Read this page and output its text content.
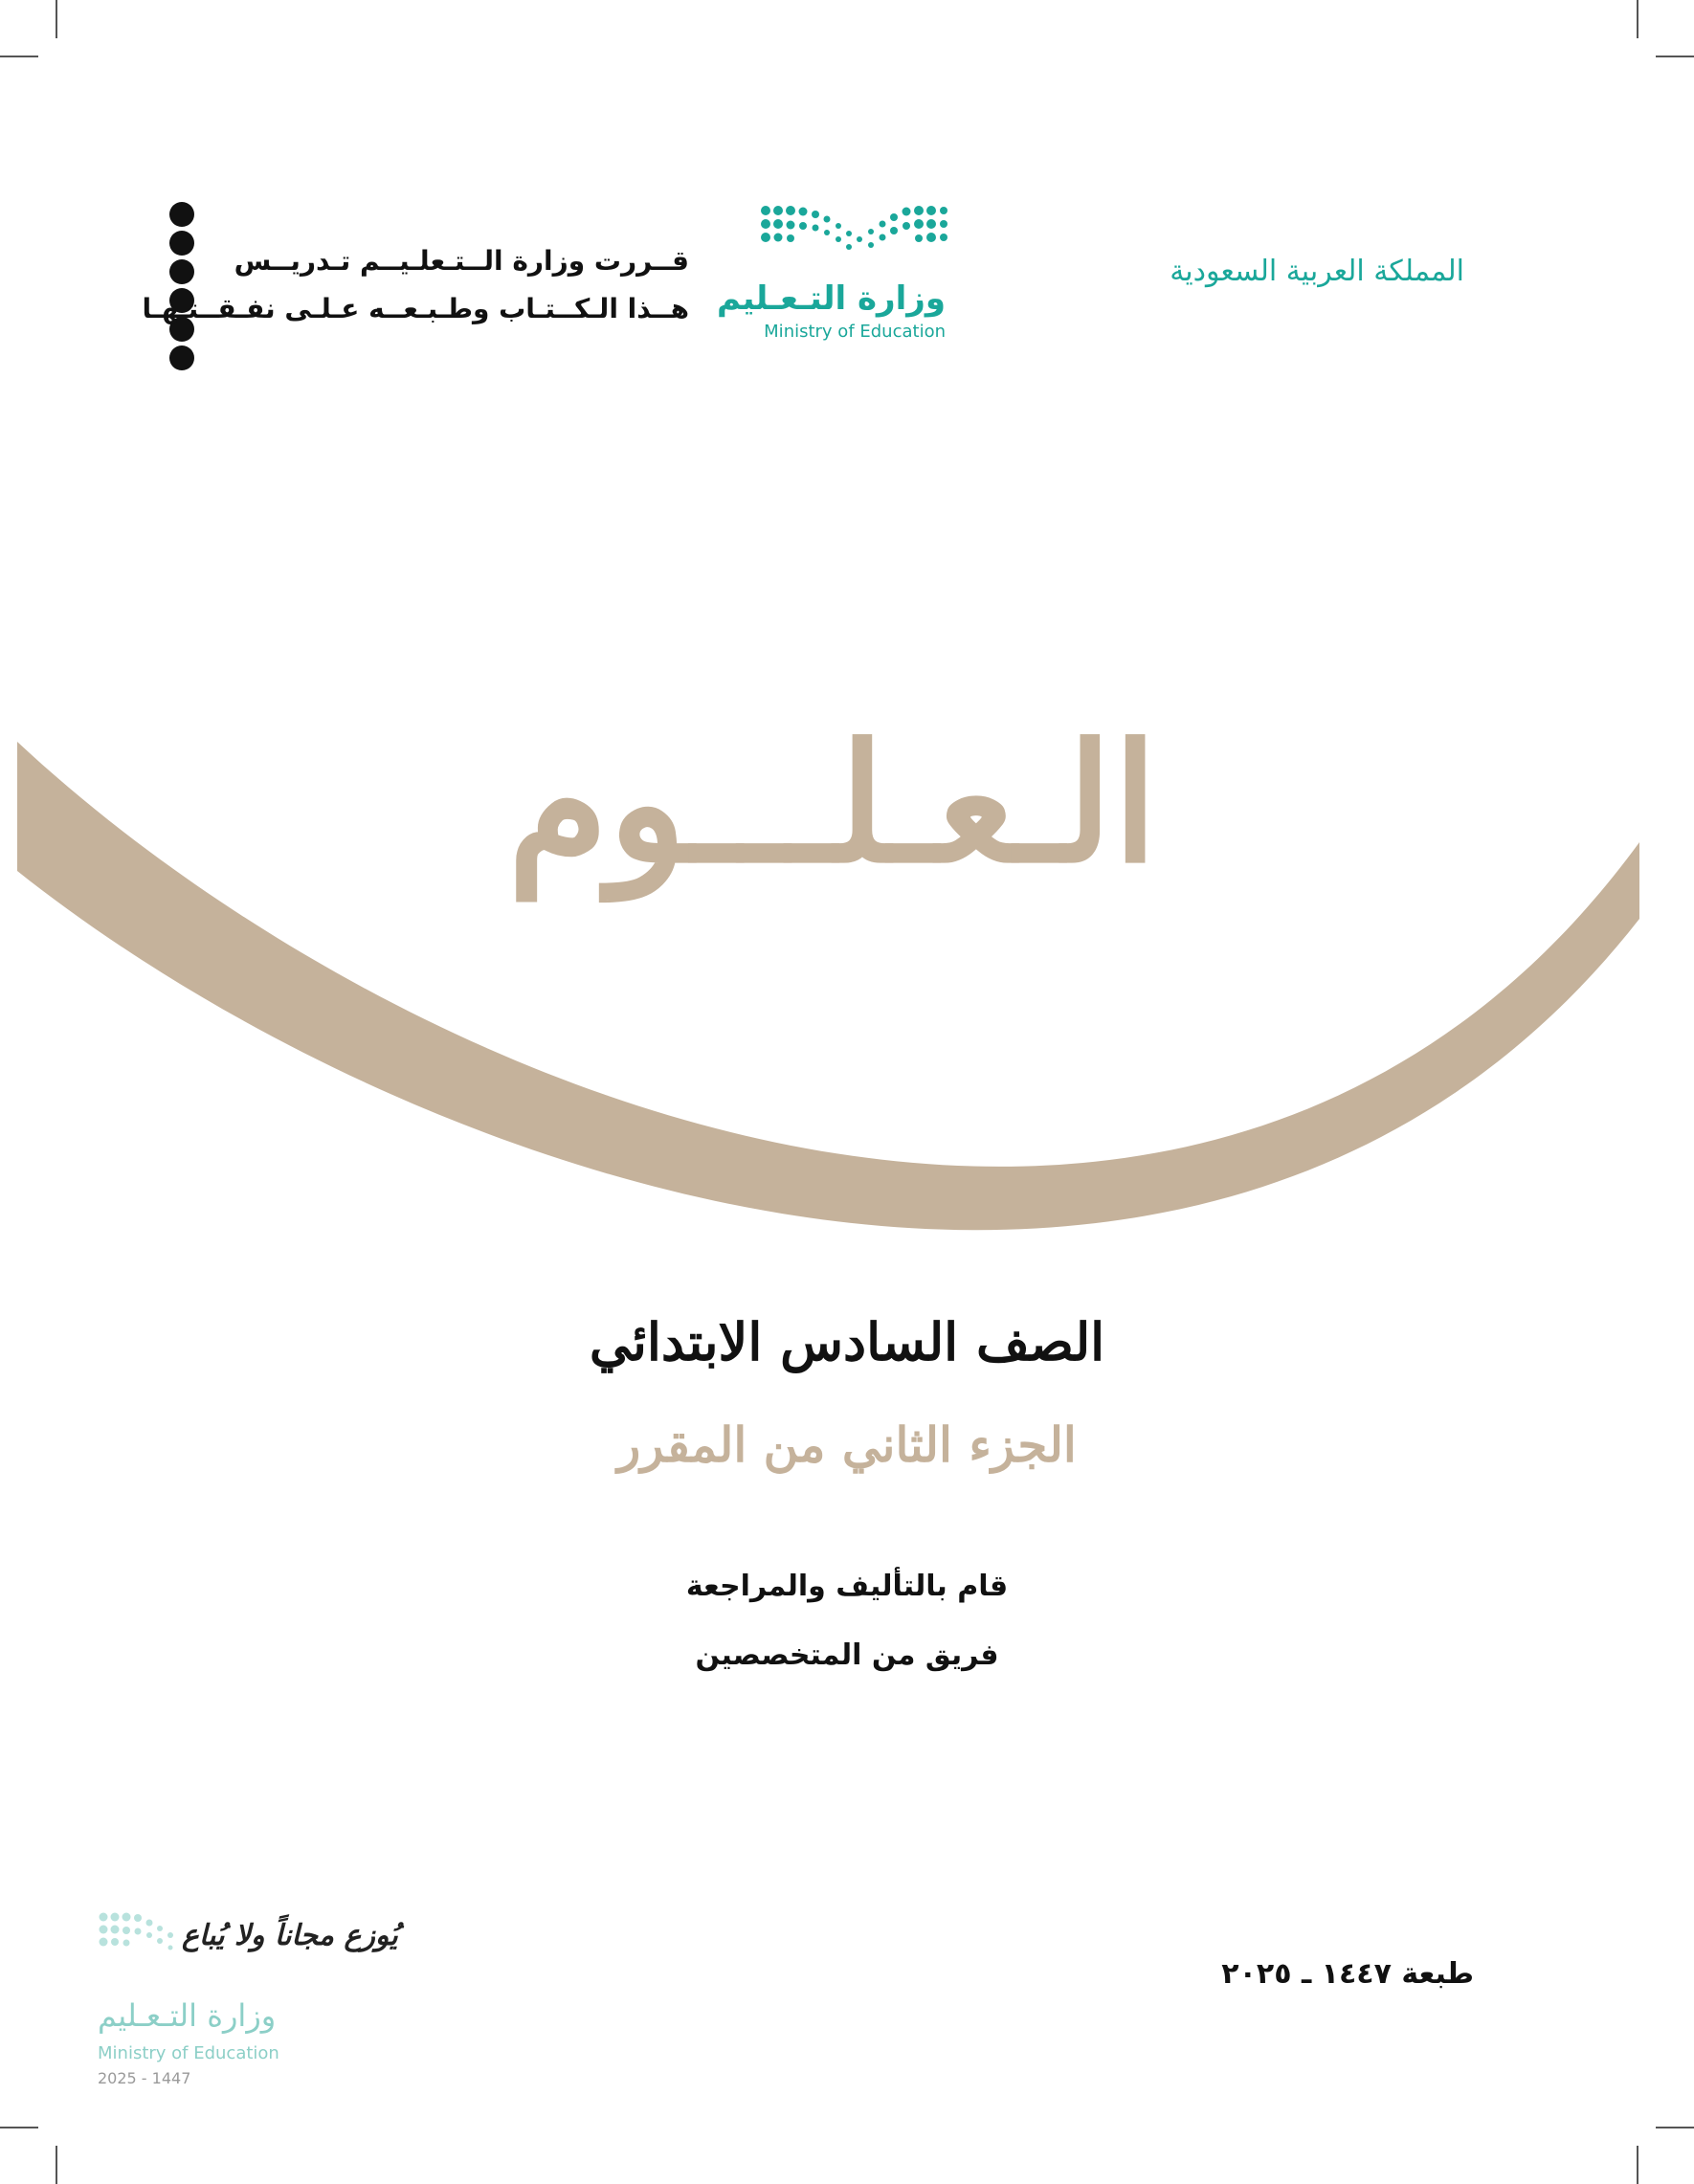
المملكة العربية السعودية
وزارة التـعـليم
Ministry of Education
قــررت وزارة الــتـعلـيــم تـدريــس
هــذا الـكــتـاب وطـبـعــه عـلـى نفـقــتـهـا
الـعـلـــوم
الصف السادس الابتدائي
الجزء الثاني من المقرر
قام بالتأليف والمراجعة
فريق من المتخصصين
طبعة ١٤٤٧ ـ ٢٠٢٥
يُوزع مجاناً ولا يُباع
وزارة التـعـليم
Ministry of Education
2025 - 1447
